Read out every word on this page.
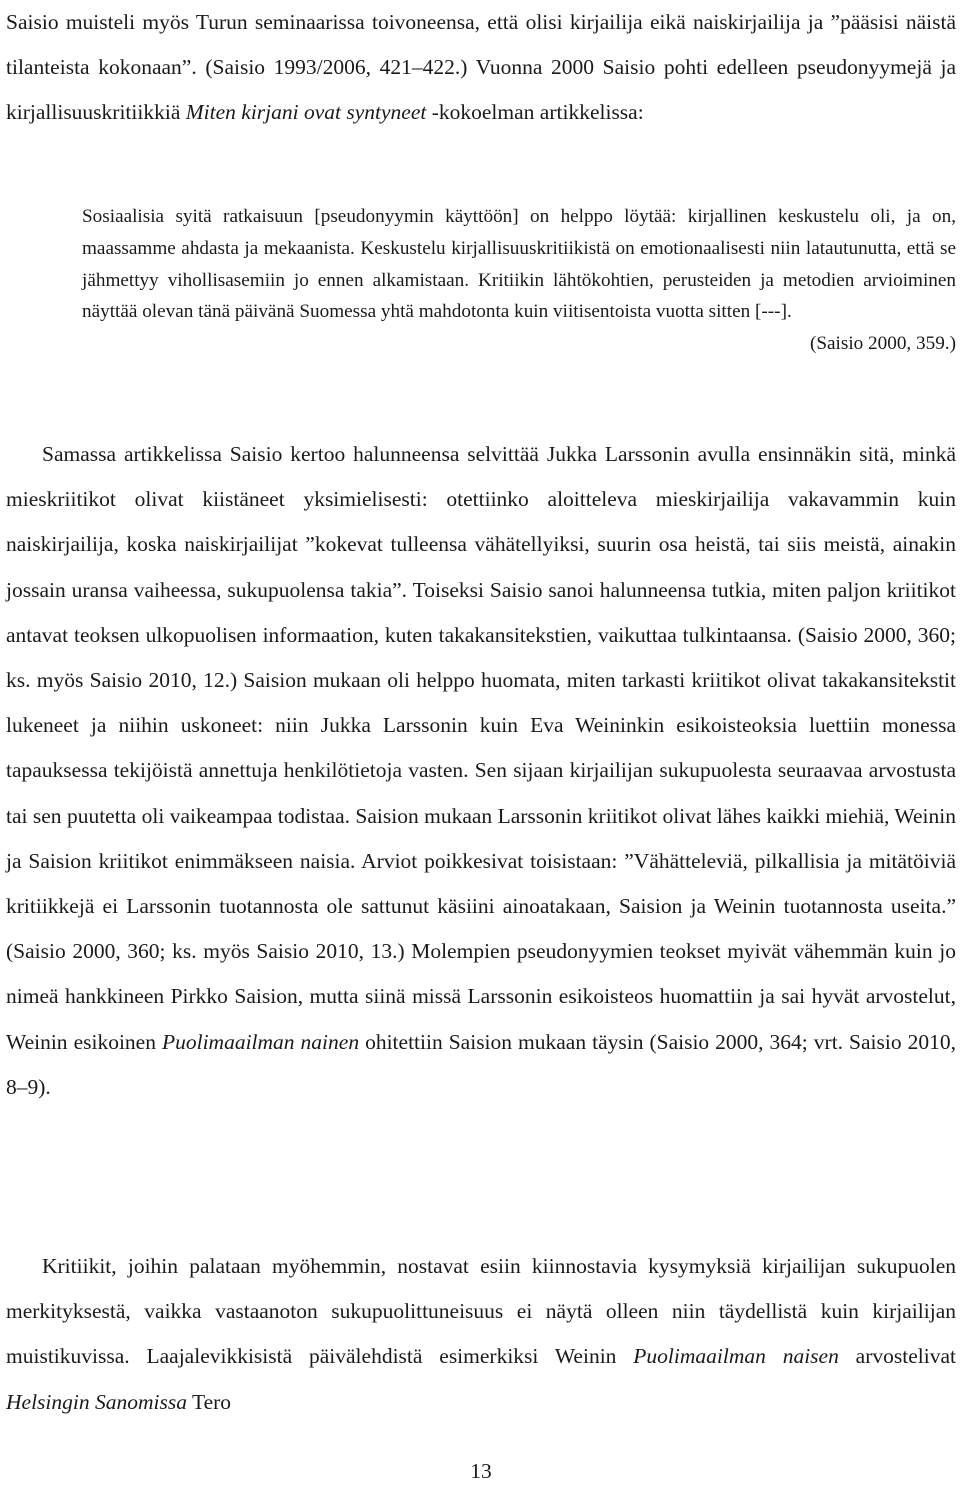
Saisio muisteli myös Turun seminaarissa toivoneensa, että olisi kirjailija eikä naiskirjailija ja ”pääsisi näistä tilanteista kokonaan”. (Saisio 1993/2006, 421–422.) Vuonna 2000 Saisio pohti edelleen pseudonyymejä ja kirjallisuuskritiikkiä Miten kirjani ovat syntyneet -kokoelman artikkelissa:

Sosiaalisia syitä ratkaisuun [pseudonyymin käyttöön] on helppo löytää: kirjallinen keskustelu oli, ja on, maassamme ahdasta ja mekaanista. Keskustelu kirjallisuuskritiikistä on emotionaalisesti niin latautunutta, että se jähmettyy vihollisasemiin jo ennen alkamistaan. Kritiikin lähtökohtien, perusteiden ja metodien arvioiminen näyttää olevan tänä päivänä Suomessa yhtä mahdotonta kuin viitisentoista vuotta sitten [---].
(Saisio 2000, 359.)

Samassa artikkelissa Saisio kertoo halunneensa selvittää Jukka Larssonin avulla ensinnäkin sitä, minkä mieskriitikot olivat kiistäneet yksimielisesti: otettiinko aloitteleva mieskirjailija vakavammin kuin naiskirjailija, koska naiskirjailijat ”kokevat tulleensa vähätellyiksi, suurin osa heistä, tai siis meistä, ainakin jossain uransa vaiheessa, sukupuolensa takia”. Toiseksi Saisio sanoi halunneensa tutkia, miten paljon kriitikot antavat teoksen ulkopuolisen informaation, kuten takakansitekstien, vaikuttaa tulkintaansa. (Saisio 2000, 360; ks. myös Saisio 2010, 12.) Saision mukaan oli helppo huomata, miten tarkasti kriitikot olivat takakansitekstit lukeneet ja niihin uskoneet: niin Jukka Larssonin kuin Eva Weininkin esikoisteoksia luettiin monessa tapauksessa tekijöistä annettuja henkilötietoja vasten. Sen sijaan kirjailijan sukupuolesta seuraavaa arvostusta tai sen puutetta oli vaikeampaa todistaa. Saision mukaan Larssonin kriitikot olivat lähes kaikki miehiä, Weinin ja Saision kriitikot enimmäkseen naisia. Arviot poikkesivat toisistaan: ”Vähätteleviä, pilkallisia ja mitätöiviä kritiikkejä ei Larssonin tuotannosta ole sattunut käsiini ainoatakaan, Saision ja Weinin tuotannosta useita.” (Saisio 2000, 360; ks. myös Saisio 2010, 13.) Molempien pseudonyymien teokset myivät vähemmän kuin jo nimeä hankkineen Pirkko Saision, mutta siinä missä Larssonin esikoisteos huomattiin ja sai hyvät arvostelut, Weinin esikoinen Puolimaailman nainen ohitettiin Saision mukaan täysin (Saisio 2000, 364; vrt. Saisio 2010, 8–9).

Kritiikit, joihin palataan myöhemmin, nostavat esiin kiinnostavia kysymyksiä kirjailijan sukupuolen merkityksestä, vaikka vastaanoton sukupuolittuneisuus ei näytä olleen niin täydellistä kuin kirjailijan muistikuvissa. Laajalevikkisistä päivälehdistä esimerkiksi Weinin Puolimaailman naisen arvostelivat Helsingin Sanomissa Tero

13
